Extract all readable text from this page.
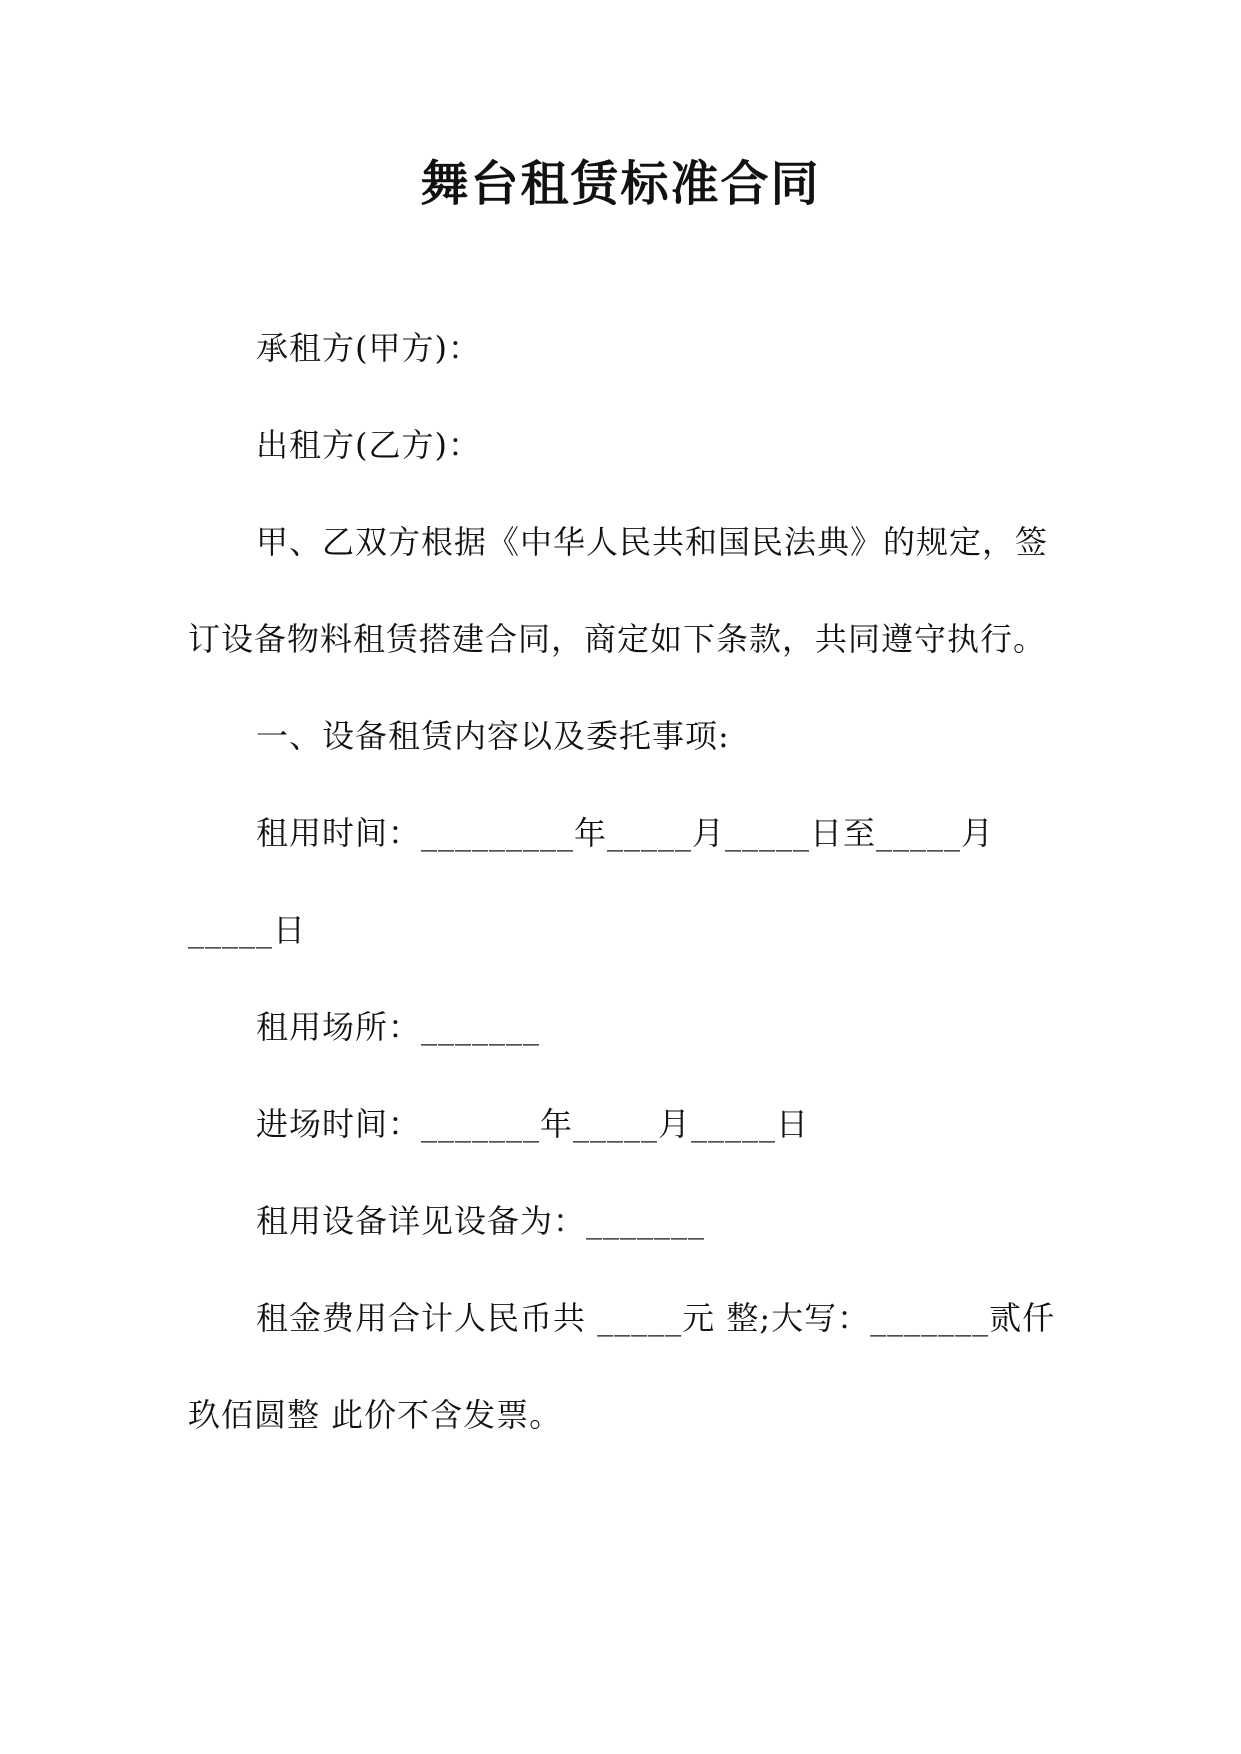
舞台租赁标准合同

承租方(甲方)：

出租方(乙方)：

甲、乙双方根据《中华人民共和国民法典》的规定，签订设备物料租赁搭建合同，商定如下条款，共同遵守执行。

一、设备租赁内容以及委托事项:

租用时间：_________年_____月_____日至_____月_____日

租用场所：_______

进场时间：_______年_____月_____日

租用设备详见设备为：_______

租金费用合计人民币共 _____元 整;大写：_______贰仟玖佰圆整 此价不含发票。
